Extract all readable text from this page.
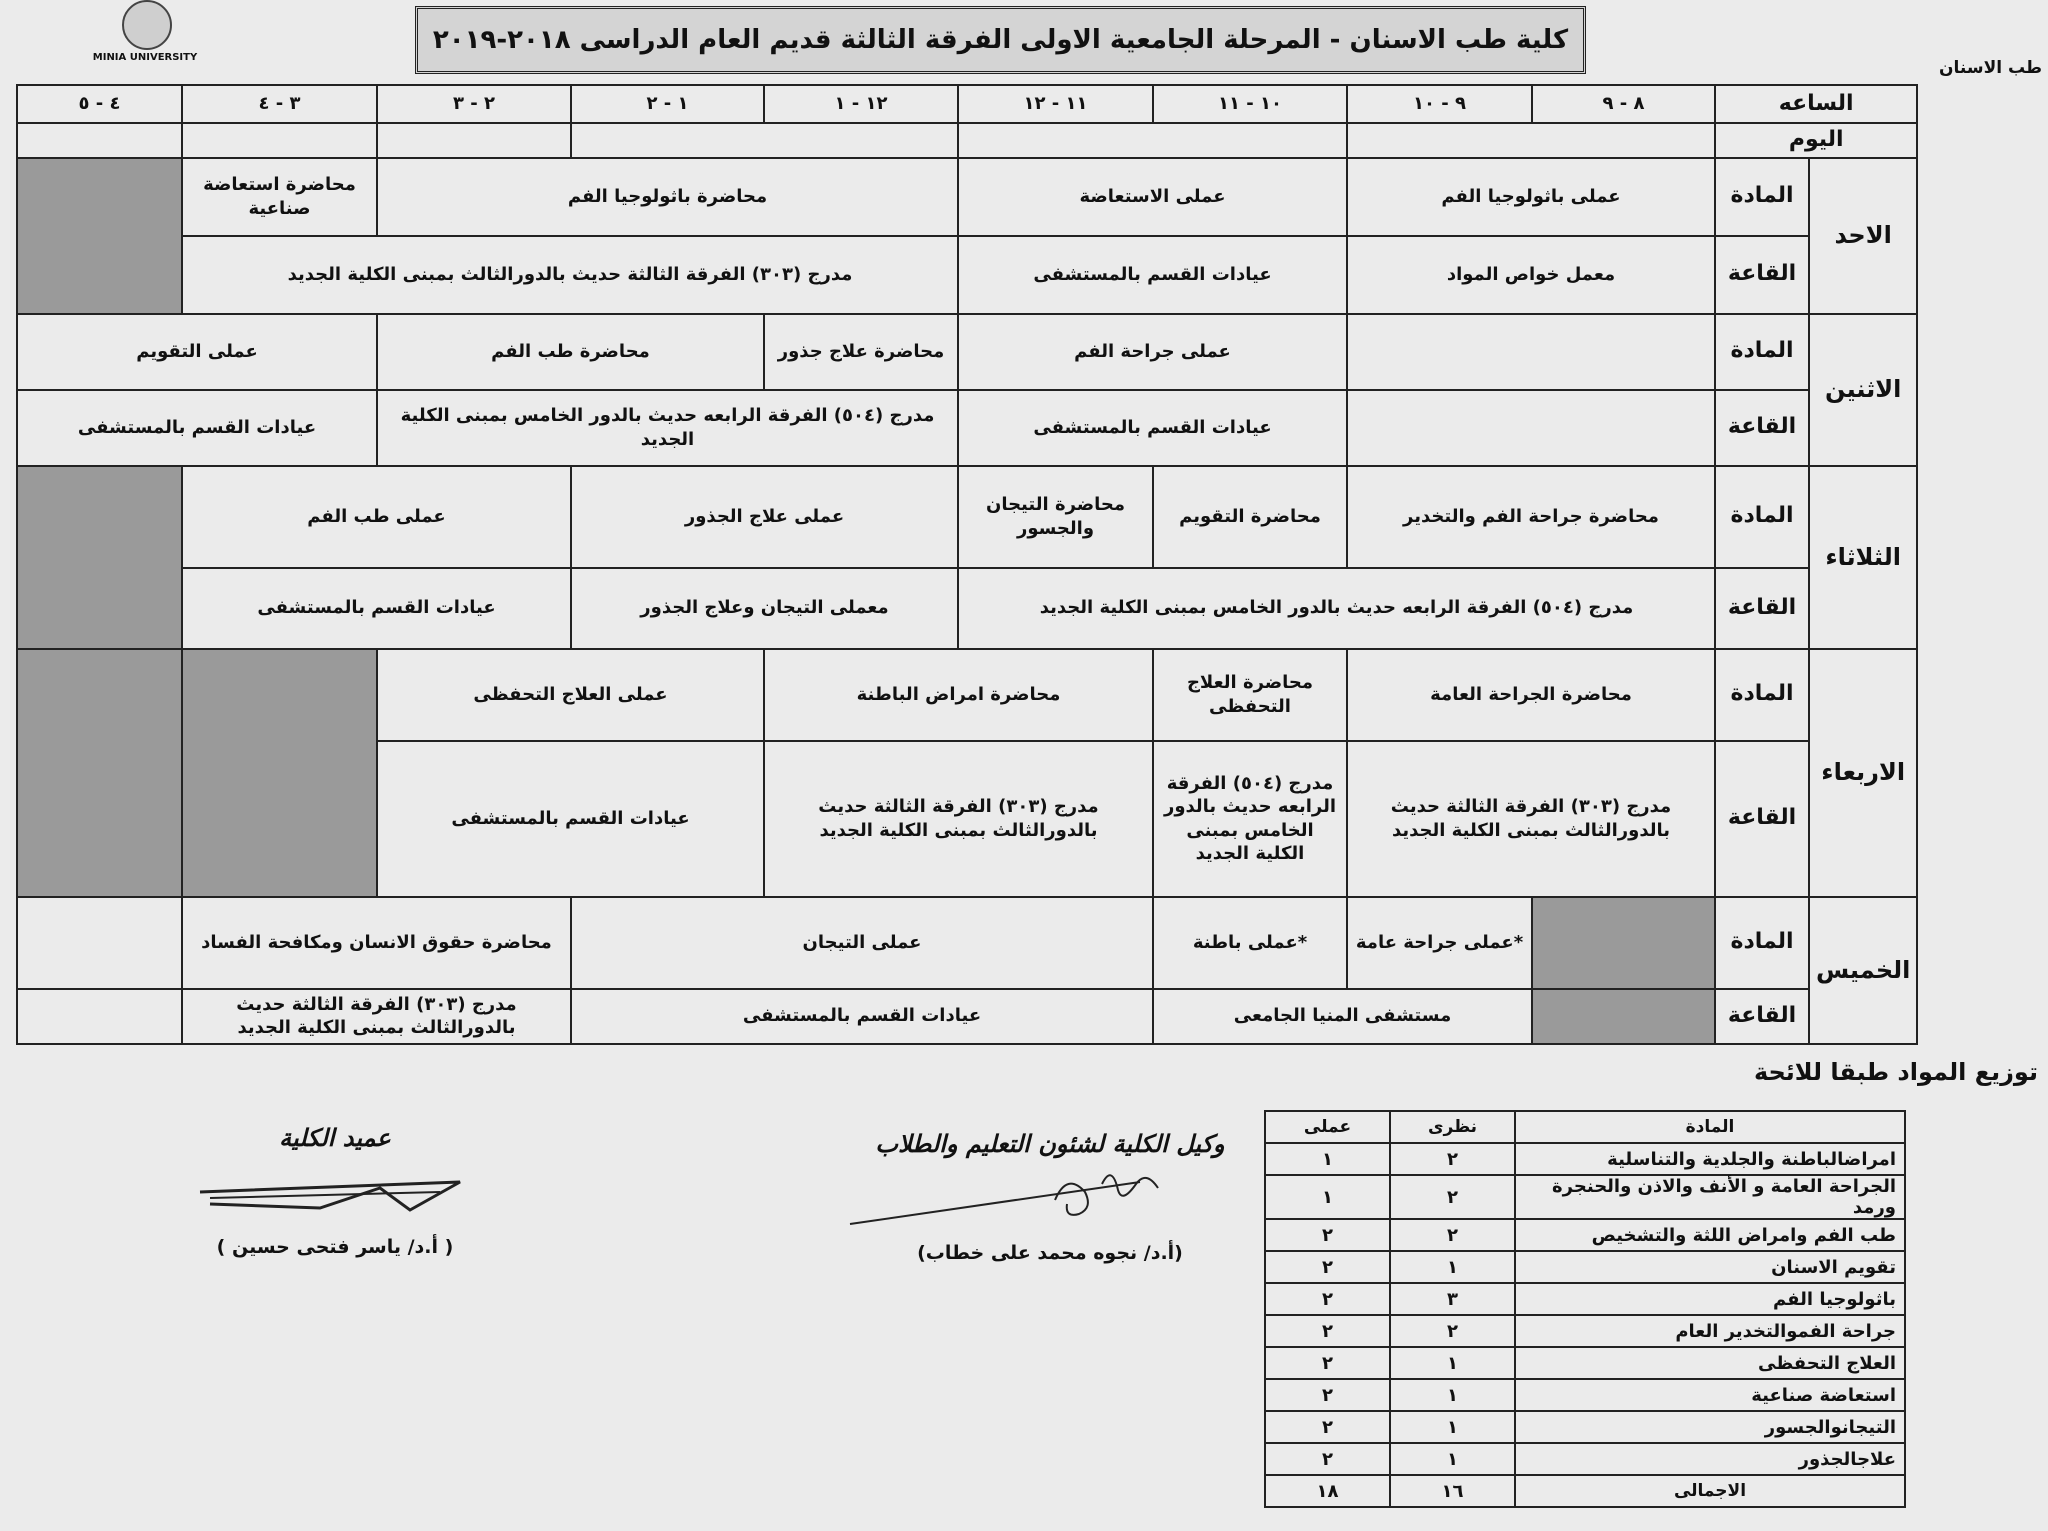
MINIA UNIVERSITY
كلية طب الاسنان - المرحلة الجامعية الاولى الفرقة الثالثة قديم العام الدراسى ٢٠١٨-٢٠١٩
طب الاسنان
الساعه		٨ - ٩	٩ - ١٠	١٠ - ١١	١١ - ١٢	١٢ - ١	١ - ٢	٢ - ٣	٣ - ٤	٤ - ٥
اليوم										
الاحد	المادة	عملى باثولوجيا الفم		عملى الاستعاضة		محاضرة باثولوجيا الفم			محاضرة استعاضة صناعية	
	القاعة	معمل خواص المواد		عيادات القسم بالمستشفى		مدرج (٣٠٣) الفرقة الثالثة حديث بالدورالثالث بمبنى الكلية الجديد				
الاثنين	المادة			عملى جراحة الفم		محاضرة علاج جذور	محاضرة طب الفم		عملى التقويم	
	القاعة			عيادات القسم بالمستشفى		مدرج (٥٠٤) الفرقة الرابعه حديث بالدور الخامس بمبنى الكلية الجديد			عيادات القسم بالمستشفى	
الثلاثاء	المادة	محاضرة جراحة الفم والتخدير		محاضرة التقويم	محاضرة التيجان والجسور	عملى علاج الجذور		عملى طب الفم		
	القاعة	مدرج (٥٠٤) الفرقة الرابعه حديث بالدور الخامس بمبنى الكلية الجديد				معملى التيجان وعلاج الجذور		عيادات القسم بالمستشفى		
الاربعاء	المادة	محاضرة الجراحة العامة		محاضرة العلاج التحفظى	محاضرة امراض الباطنة		عملى العلاج التحفظى			
	القاعة	مدرج (٣٠٣) الفرقة الثالثة حديث بالدورالثالث بمبنى الكلية الجديد		مدرج (٥٠٤) الفرقة الرابعه حديث بالدور الخامس بمبنى الكلية الجديد	مدرج (٣٠٣) الفرقة الثالثة حديث بالدورالثالث بمبنى الكلية الجديد		عيادات القسم بالمستشفى			
الخميس	المادة		*عملى جراحة عامة	*عملى باطنة	عملى التيجان			محاضرة حقوق الانسان ومكافحة الفساد		
	القاعة		مستشفى المنيا الجامعى		عيادات القسم بالمستشفى			مدرج (٣٠٣) الفرقة الثالثة حديث بالدورالثالث بمبنى الكلية الجديد		
توزيع المواد طبقا للائحة
المادة	نظرى	عملى
امراضالباطنة والجلدية والتناسلية	٢	١
الجراحة العامة و الأنف والاذن والحنجرة ورمد	٢	١
طب الفم وامراض اللثة والتشخيص	٢	٢
تقويم الاسنان	١	٢
باثولوجيا الفم	٣	٢
جراحة الفموالتخدير العام	٢	٢
العلاج التحفظى	١	٢
استعاضة صناعية	١	٢
التيجانوالجسور	١	٢
علاجالجذور	١	٢
الاجمالى	١٦	١٨
وكيل الكلية لشئون التعليم والطلاب
(أ.د/ نجوه محمد على خطاب)
عميد الكلية
( أ.د/ ياسر فتحى حسين )
